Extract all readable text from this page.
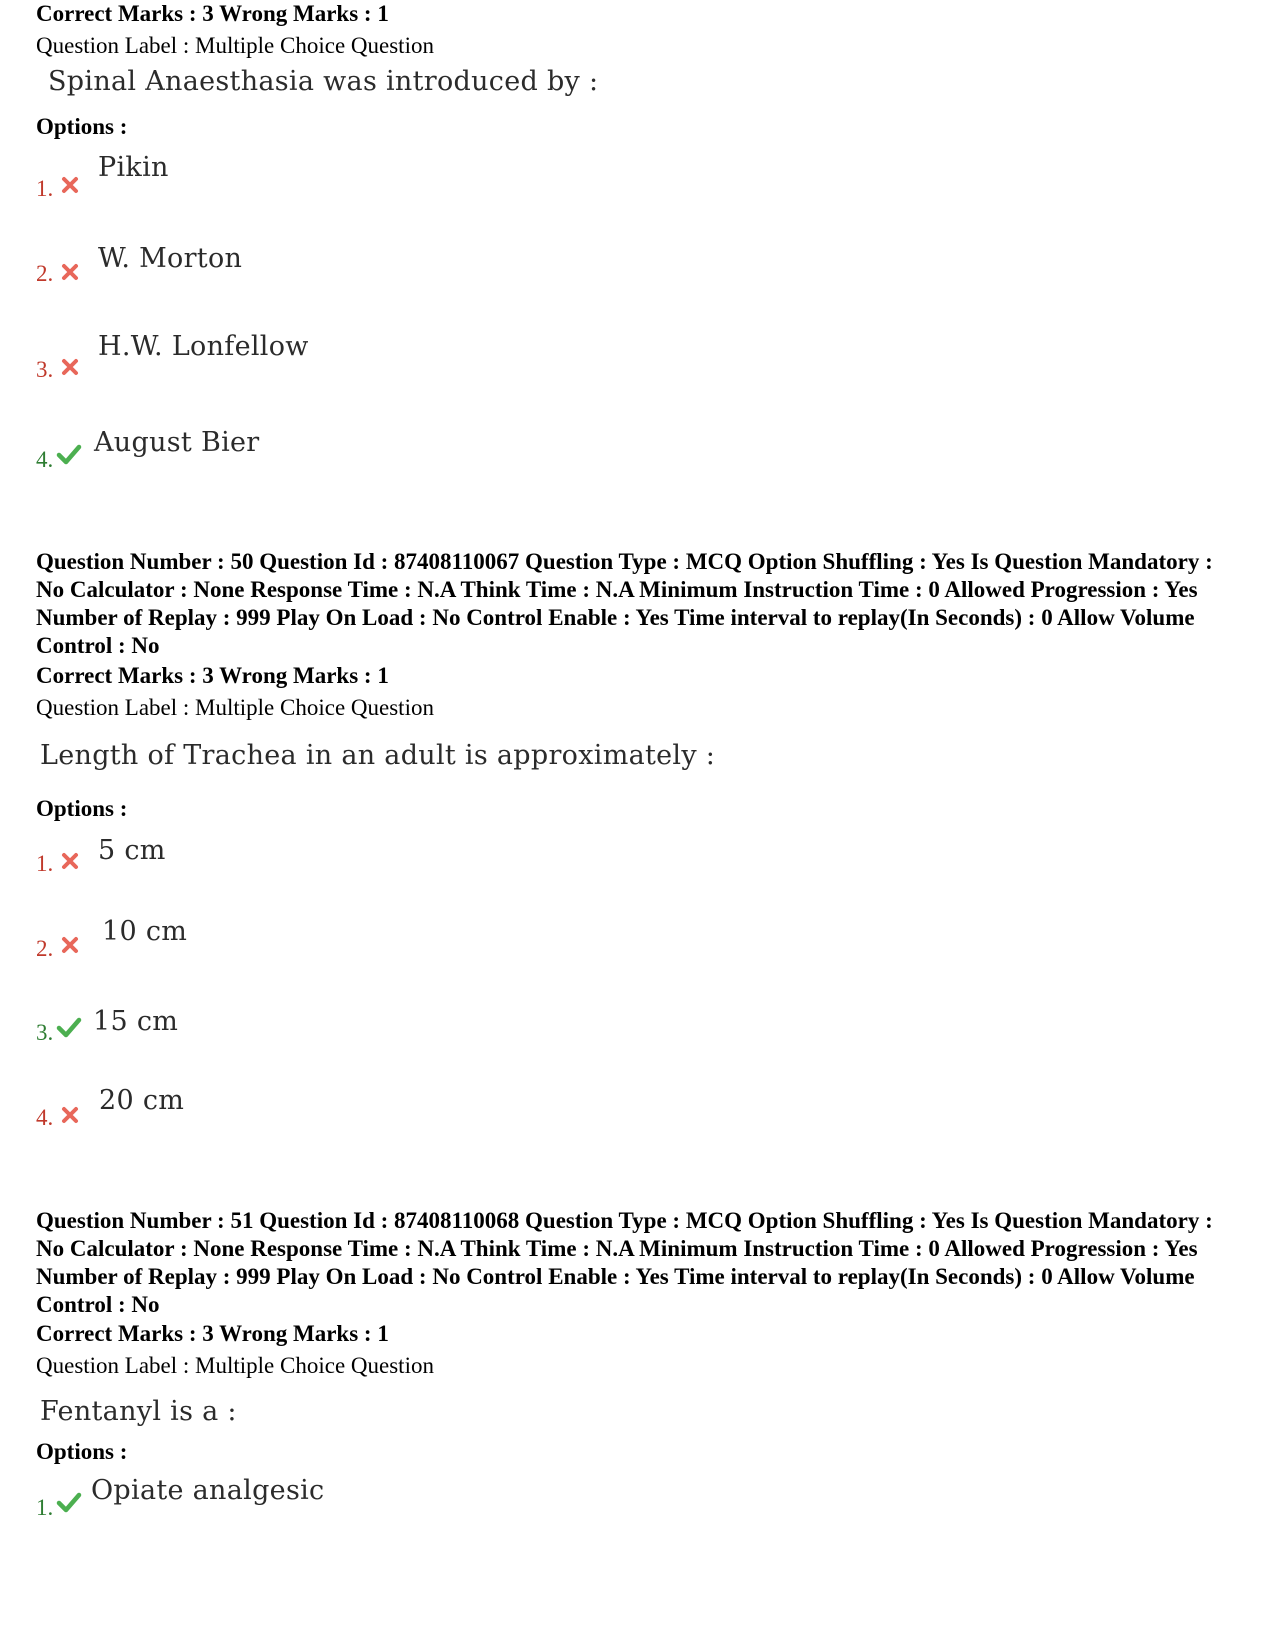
Correct Marks : 3 Wrong Marks : 1

Question Label : Multiple Choice Question

Spinal Anaesthasia was introduced by :

Options :

1.
Pikin
2. W. Morton
3.
H.W. Lonfellow
4.
August Bier

Question Number : 50 Question Id : 87408110067 Question Type : MCQ Option Shuffling : Yes Is Question Mandatory : No Calculator : None Response Time : N.A Think Time : N.A Minimum Instruction Time : 0 Allowed Progression : Yes Number of Replay : 999 Play On Load : No Control Enable : Yes Time interval to replay(In Seconds) : 0 Allow Volume Control : No

Correct Marks : 3 Wrong Marks : 1

Question Label : Multiple Choice Question

Length of Trachea in an adult is approximately :

Options :

1. 5 cm
2.
10 cm
3. 15 cm
4.
20 cm

Question Number : 51 Question Id : 87408110068 Question Type : MCQ Option Shuffling : Yes Is Question Mandatory : No Calculator : None Response Time : N.A Think Time : N.A Minimum Instruction Time : 0 Allowed Progression : Yes Number of Replay : 999 Play On Load : No Control Enable : Yes Time interval to replay(In Seconds) : 0 Allow Volume Control : No

Correct Marks : 3 Wrong Marks : 1

Question Label : Multiple Choice Question

Fentanyl is a :

Options :

1.
Opiate analgesic
